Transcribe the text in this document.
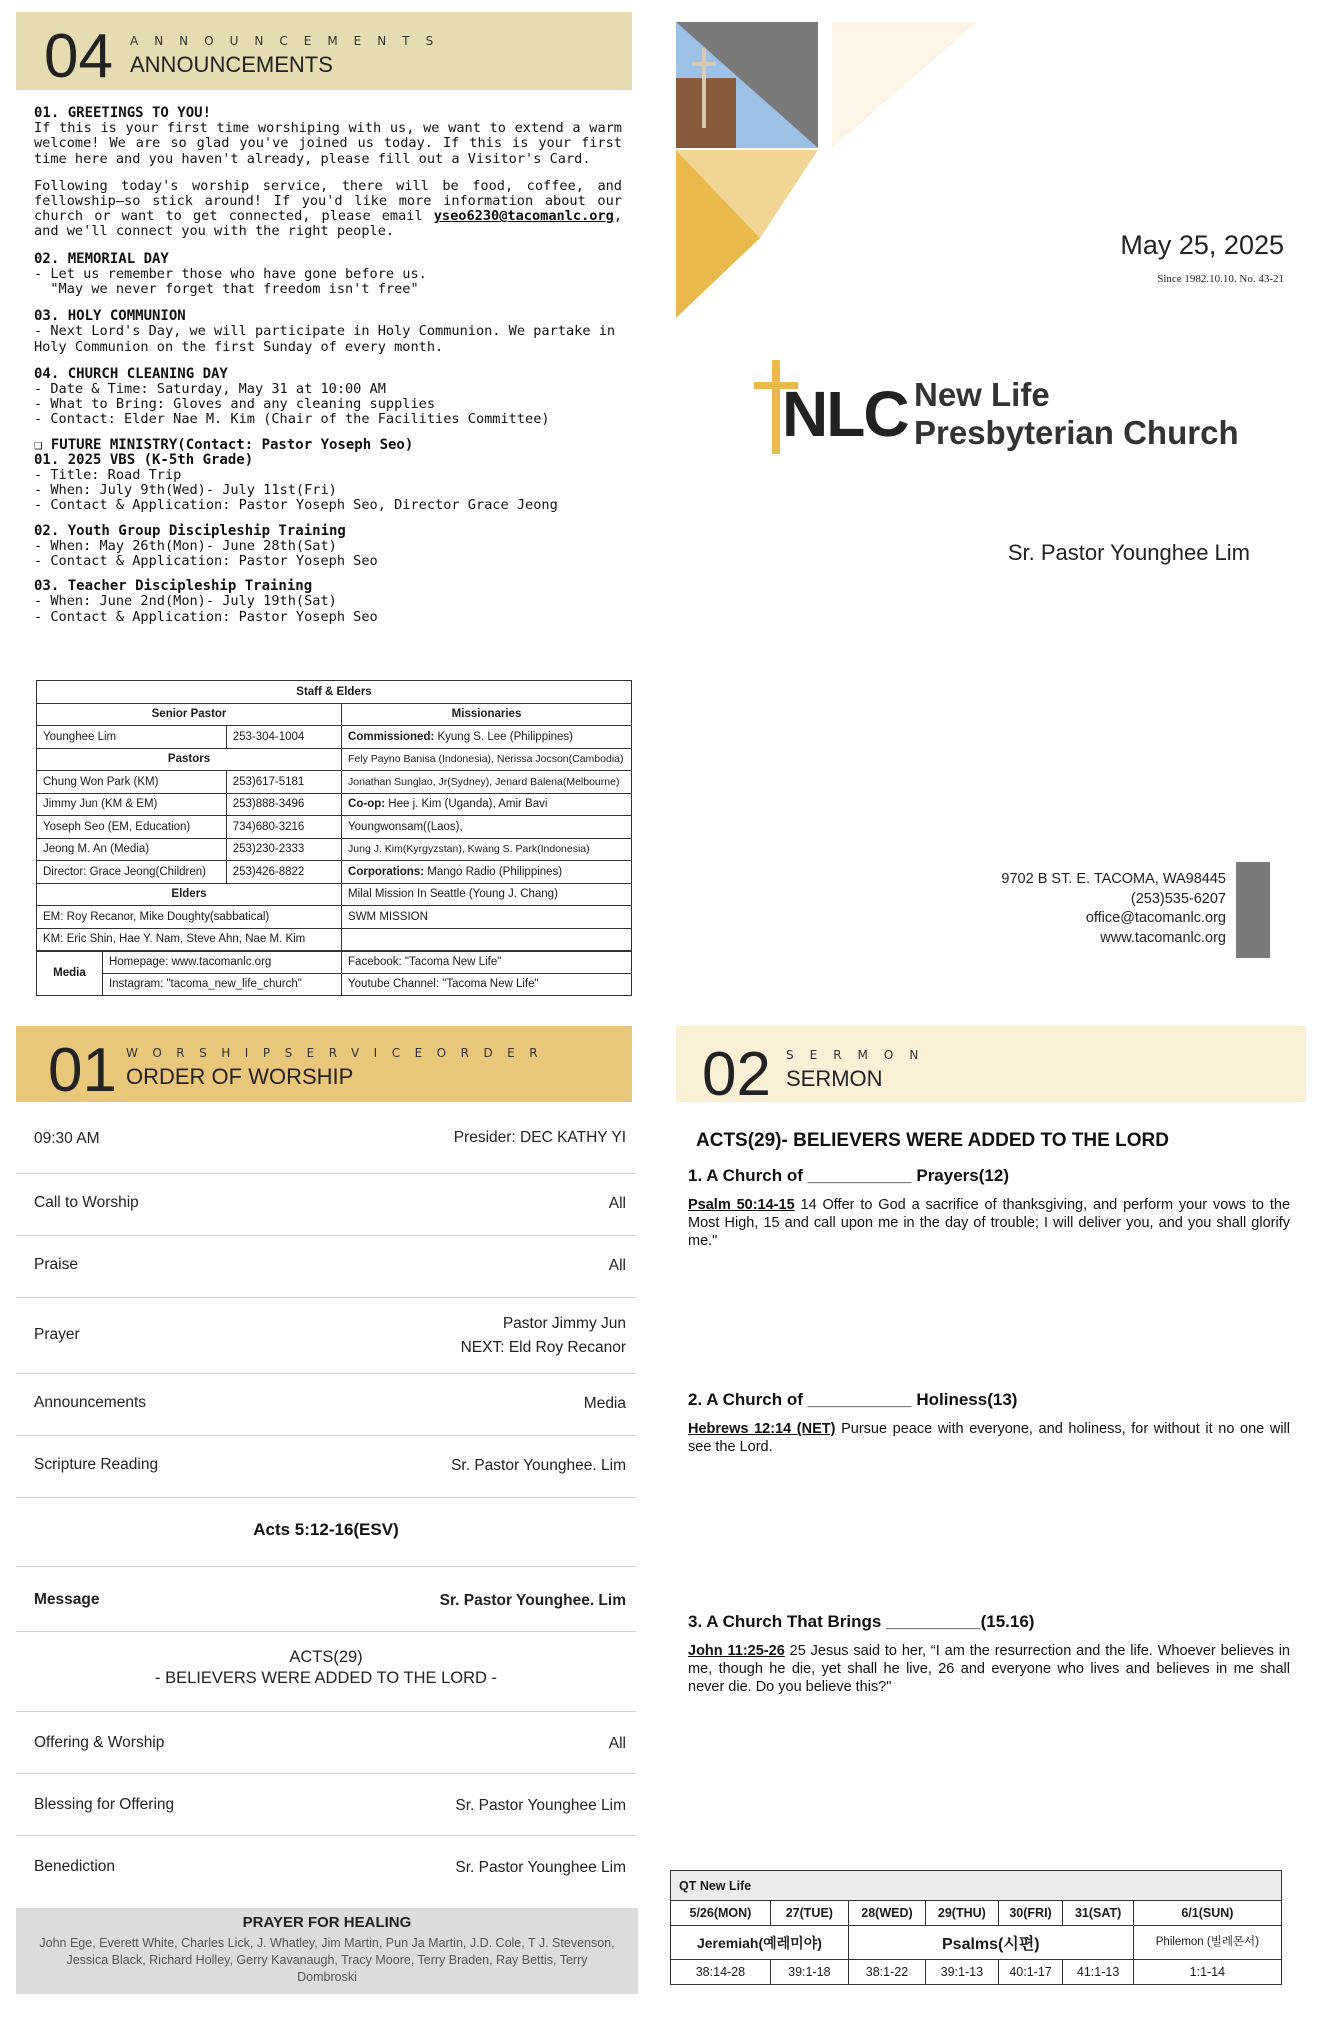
04 ANNOUNCEMENTS
ANNOUNCEMENTS
01. GREETINGS TO YOU!

If this is your first time worshiping with us, we want to extend a warm welcome! We are so glad you've joined us today. If this is your first time here and you haven't already, please fill out a Visitor's Card.

Following today's worship service, there will be food, coffee, and fellowship—so stick around! If you'd like more information about our church or want to get connected, please email yseo6230@tacomanlc.org, and we'll connect you with the right people.

02. MEMORIAL DAY

- Let us remember those who have gone before us.

"May we never forget that freedom isn't free"

03. HOLY COMMUNION

- Next Lord's Day, we will participate in Holy Communion. We partake in Holy Communion on the first Sunday of every month.

04. CHURCH CLEANING DAY

- Date & Time: Saturday, May 31 at 10:00 AM

- What to Bring: Gloves and any cleaning supplies

- Contact: Elder Nae M. Kim (Chair of the Facilities Committee)

❑ FUTURE MINISTRY(Contact: Pastor Yoseph Seo)
01. 2025 VBS (K-5th Grade)

- Title: Road Trip

- When: July 9th(Wed)- July 11st(Fri)

- Contact & Application: Pastor Yoseph Seo, Director Grace Jeong

02. Youth Group Discipleship Training

- When: May 26th(Mon)- June 28th(Sat)

- Contact & Application: Pastor Yoseph Seo

03. Teacher Discipleship Training

- When: June 2nd(Mon)- July 19th(Sat)

- Contact & Application: Pastor Yoseph Seo

Staff & Elders			
Senior Pastor			Missionaries
Younghee Lim		253-304-1004	Commissioned: Kyung S. Lee (Philippines)
Pastors			Fely Payno Banisa (Indonesia), Nerissa Jocson(Cambodia)
Chung Won Park (KM)		253)617-5181	Jonathan Sunglao, Jr(Sydney), Jenard Balena(Melbourne)
Jimmy Jun (KM & EM)		253)888-3496	Co-op: Hee j. Kim (Uganda), Amir Bavi
Yoseph Seo (EM, Education)		734)680-3216	Youngwonsam((Laos),
Jeong M. An (Media)		253)230-2333	Jung J. Kim(Kyrgyzstan), Kwang S. Park(Indonesia)
Director: Grace Jeong(Children)		253)426-8822	Corporations: Mango Radio (Philippines)
Elders			Milal Mission In Seattle (Young J. Chang)
EM: Roy Recanor, Mike Doughty(sabbatical)			SWM MISSION
KM: Eric Shin, Hae Y. Nam, Steve Ahn, Nae M. Kim			
Media	Homepage: www.tacomanlc.org		Facebook: "Tacoma New Life"
	Instagram: "tacoma_new_life_church"		Youtube Channel: "Tacoma New Life"
May 25, 2025
Since 1982.10.10. No. 43-21
NLC New Life
Presbyterian Church
Sr. Pastor Younghee Lim
9702 B ST. E. TACOMA, WA98445
(253)535-6207
office@tacomanlc.org
www.tacomanlc.org
01 WORSHIPSERVICEORDER
ORDER OF WORSHIP
09:30 AM	Presider: DEC KATHY YI
Call to Worship	All
Praise	All
Prayer
Pastor Jimmy Jun
NEXT: Eld Roy Recanor
Announcements	Media
Scripture Reading	Sr. Pastor Younghee. Lim
Acts 5:12-16(ESV)
Message	Sr. Pastor Younghee. Lim
ACTS(29)
- BELIEVERS WERE ADDED TO THE LORD -
Offering & Worship	All
Blessing for Offering	Sr. Pastor Younghee Lim
Benediction	Sr. Pastor Younghee Lim
PRAYER FOR HEALING
John Ege, Everett White, Charles Lick, J. Whatley, Jim Martin, Pun Ja Martin, J.D. Cole, T J. Stevenson, Jessica Black, Richard Holley, Gerry Kavanaugh, Tracy Moore, Terry Braden, Ray Bettis, Terry Dombroski
02 SERMON
SERMON
ACTS(29)- BELIEVERS WERE ADDED TO THE LORD
1. A Church of ___________ Prayers(12)
Psalm 50:14-15 14 Offer to God a sacrifice of thanksgiving, and perform your vows to the Most High, 15 and call upon me in the day of trouble; I will deliver you, and you shall glorify me."
2. A Church of ___________ Holiness(13)
Hebrews 12:14 (NET) Pursue peace with everyone, and holiness, for without it no one will see the Lord.
3. A Church That Brings __________(15.16)
John 11:25-26 25 Jesus said to her, “I am the resurrection and the life. Whoever believes in me, though he die, yet shall he live, 26 and everyone who lives and believes in me shall never die. Do you believe this?"
QT New Life						
5/26(MON)	27(TUE)	28(WED)	29(THU)	30(FRI)	31(SAT)	6/1(SUN)
Jeremiah(예레미야)		Psalms(시편)				Philemon (빌레몬서)
38:14-28	39:1-18	38:1-22	39:1-13	40:1-17	41:1-13	1:1-14
